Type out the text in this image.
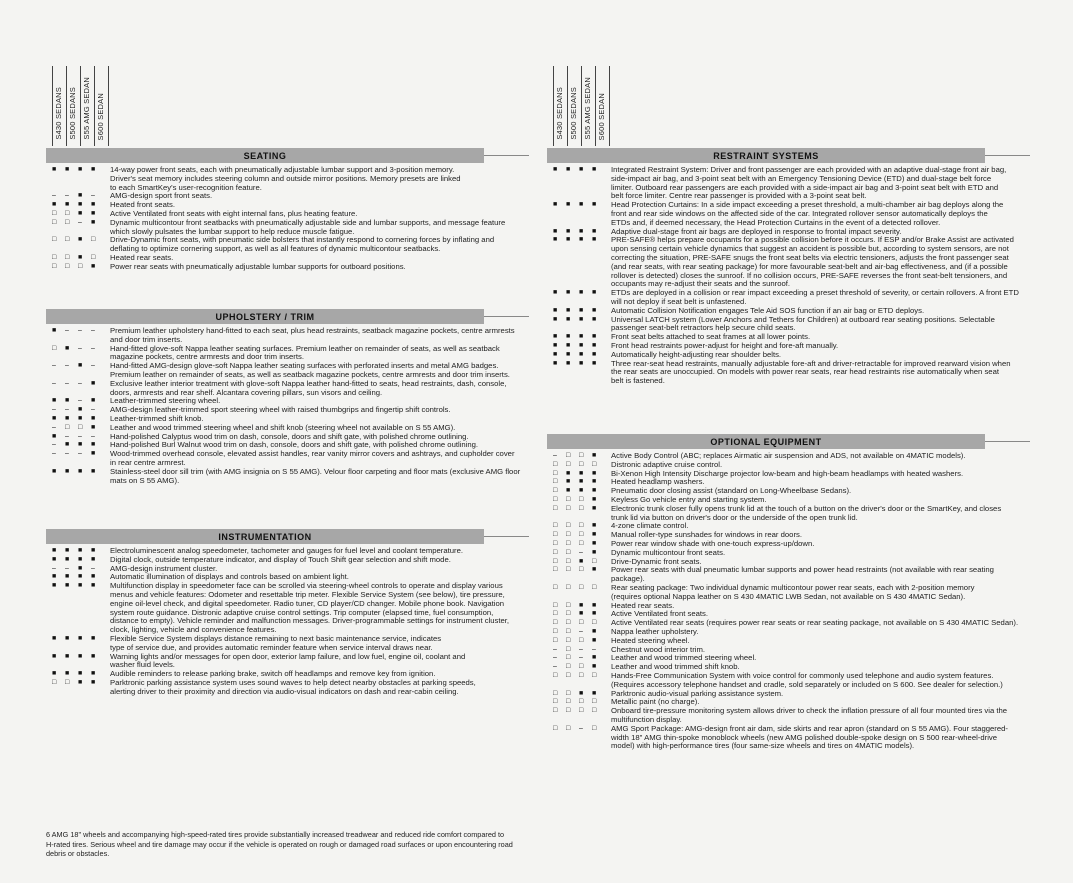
S430 SEDANS S500 SEDANS S55 AMG SEDAN S600 SEDAN
SEATING
■	■	■	■	14-way power front seats, each with pneumatically adjustable lumbar support and 3-position memory.
Driver's seat memory includes steering column and outside mirror positions. Memory presets are linked
to each SmartKey's user-recognition feature.
–	–	■	–	AMG-design sport front seats.
■	■	■	■	Heated front seats.
□	□	■	■	Active Ventilated front seats with eight internal fans, plus heating feature.
□	□	–	■	Dynamic multicontour front seatbacks with pneumatically adjustable side and lumbar supports, and message feature
which slowly pulsates the lumbar support to help reduce muscle fatigue.
□	□	■	□	Drive-Dynamic front seats, with pneumatic side bolsters that instantly respond to cornering forces by inflating and
deflating to optimize cornering support, as well as all features of dynamic multicontour seatbacks.
□	□	■	□	Heated rear seats.
□	□	□	■	Power rear seats with pneumatically adjustable lumbar supports for outboard positions.
UPHOLSTERY / TRIM
■	–	–	–	Premium leather upholstery hand-fitted to each seat, plus head restraints, seatback magazine pockets, centre armrests
and door trim inserts.
□	■	–	–	Hand-fitted glove-soft Nappa leather seating surfaces. Premium leather on remainder of seats, as well as seatback
magazine pockets, centre armrests and door trim inserts.
–	–	■	–	Hand-fitted AMG-design glove-soft Nappa leather seating surfaces with perforated inserts and metal AMG badges.
Premium leather on remainder of seats, as well as seatback magazine pockets, centre armrests and door trim inserts.
–	–	–	■	Exclusive leather interior treatment with glove-soft Nappa leather hand-fitted to seats, head restraints, dash, console,
doors, armrests and rear shelf. Alcantara covering pillars, sun visors and ceiling.
■	■	–	■	Leather-trimmed steering wheel.
–	–	■	–	AMG-design leather-trimmed sport steering wheel with raised thumbgrips and fingertip shift controls.
■	■	■	■	Leather-trimmed shift knob.
–	□	□	■	Leather and wood trimmed steering wheel and shift knob (steering wheel not available on S 55 AMG).
■	–	–	–	Hand-polished Calyptus wood trim on dash, console, doors and shift gate, with polished chrome outlining.
–	■	■	■	Hand-polished Burl Walnut wood trim on dash, console, doors and shift gate, with polished chrome outlining.
–	–	–	■	Wood-trimmed overhead console, elevated assist handles, rear vanity mirror covers and ashtrays, and cupholder cover
in rear centre armrest.
■	■	■	■	Stainless-steel door sill trim (with AMG insignia on S 55 AMG). Velour floor carpeting and floor mats (exclusive AMG floor
mats on S 55 AMG).
INSTRUMENTATION
■	■	■	■	Electroluminescent analog speedometer, tachometer and gauges for fuel level and coolant temperature.
■	■	■	■	Digital clock, outside temperature indicator, and display of Touch Shift gear selection and shift mode.
–	–	■	–	AMG-design instrument cluster.
■	■	■	■	Automatic illumination of displays and controls based on ambient light.
■	■	■	■	Multifunction display in speedometer face can be scrolled via steering-wheel controls to operate and display various
menus and vehicle features: Odometer and resettable trip meter. Flexible Service System (see below), tire pressure,
engine oil-level check, and digital speedometer. Radio tuner, CD player/CD changer. Mobile phone book. Navigation
system route guidance. Distronic adaptive cruise control settings. Trip computer (elapsed time, fuel consumption,
distance to empty). Vehicle reminder and malfunction messages. Driver-programmable settings for instrument cluster,
clock, lighting, vehicle and convenience features.
■	■	■	■	Flexible Service System displays distance remaining to next basic maintenance service, indicates
type of service due, and provides automatic reminder feature when service interval draws near.
■	■	■	■	Warning lights and/or messages for open door, exterior lamp failure, and low fuel, engine oil, coolant and
washer fluid levels.
■	■	■	■	Audible reminders to release parking brake, switch off headlamps and remove key from ignition.
□	□	■	■	Parktronic parking assistance system uses sound waves to help detect nearby obstacles at parking speeds,
alerting driver to their proximity and direction via audio-visual indicators on dash and rear-cabin ceiling.
S430 SEDANS S500 SEDANS S55 AMG SEDAN S600 SEDAN
RESTRAINT SYSTEMS
■	■	■	■	Integrated Restraint System: Driver and front passenger are each provided with an adaptive dual-stage front air bag,
side-impact air bag, and 3-point seat belt with an Emergency Tensioning Device (ETD) and dual-stage belt force
limiter. Outboard rear passengers are each provided with a side-impact air bag and 3-point seat belt with ETD and
belt force limiter. Centre rear passenger is provided with a 3-point seat belt.
■	■	■	■	Head Protection Curtains: In a side impact exceeding a preset threshold, a multi-chamber air bag deploys along the
front and rear side windows on the affected side of the car. Integrated rollover sensor automatically deploys the
ETDs and, if deemed necessary, the Head Protection Curtains in the event of a detected rollover.
■	■	■	■	Adaptive dual-stage front air bags are deployed in response to frontal impact severity.
■	■	■	■	PRE-SAFE® helps prepare occupants for a possible collision before it occurs. If ESP and/or Brake Assist are activated
upon sensing certain vehicle dynamics that suggest an accident is possible but, according to system sensors, are not
correcting the situation, PRE-SAFE snugs the front seat belts via electric tensioners, adjusts the front passenger seat
(and rear seats, with rear seating package) for more favourable seat-belt and air-bag effectiveness, and (if a possible
rollover is detected) closes the sunroof. If no collision occurs, PRE-SAFE reverses the front seat-belt tensioners, and
occupants may re-adjust their seats and the sunroof.
■	■	■	■	ETDs are deployed in a collision or rear impact exceeding a preset threshold of severity, or certain rollovers. A front ETD
will not deploy if seat belt is unfastened.
■	■	■	■	Automatic Collision Notification engages Tele Aid SOS function if an air bag or ETD deploys.
■	■	■	■	Universal LATCH system (Lower Anchors and Tethers for Children) at outboard rear seating positions. Selectable
passenger seat-belt retractors help secure child seats.
■	■	■	■	Front seat belts attached to seat frames at all lower points.
■	■	■	■	Front head restraints power-adjust for height and fore-aft manually.
■	■	■	■	Automatically height-adjusting rear shoulder belts.
■	■	■	■	Three rear-seat head restraints, manually adjustable fore-aft and driver-retractable for improved rearward vision when
the rear seats are unoccupied. On models with power rear seats, rear head restraints rise automatically when seat
belt is fastened.
OPTIONAL EQUIPMENT
–	□	□	■	Active Body Control (ABC; replaces Airmatic air suspension and ADS, not available on 4MATIC models).
□	□	□	□	Distronic adaptive cruise control.
□	■	■	■	Bi-Xenon High Intensity Discharge projector low-beam and high-beam headlamps with heated washers.
□	■	■	■	Heated headlamp washers.
□	■	■	■	Pneumatic door closing assist (standard on Long-Wheelbase Sedans).
□	□	□	■	Keyless Go vehicle entry and starting system.
□	□	□	■	Electronic trunk closer fully opens trunk lid at the touch of a button on the driver's door or the SmartKey, and closes
trunk lid via button on driver's door or the underside of the open trunk lid.
□	□	□	■	4-zone climate control.
□	□	□	■	Manual roller-type sunshades for windows in rear doors.
□	□	□	■	Power rear window shade with one-touch express-up/down.
□	□	–	■	Dynamic multicontour front seats.
□	□	■	□	Drive-Dynamic front seats.
□	□	□	■	Power rear seats with dual pneumatic lumbar supports and power head restraints (not available with rear seating
package).
□	□	□	□	Rear seating package: Two individual dynamic multicontour power rear seats, each with 2-position memory
(requires optional Nappa leather on S 430 4MATIC LWB Sedan, not available on S 430 4MATIC Sedan).
□	□	■	■	Heated rear seats.
□	□	■	■	Active Ventilated front seats.
□	□	□	□	Active Ventilated rear seats (requires power rear seats or rear seating package, not available on S 430 4MATIC Sedan).
□	□	–	■	Nappa leather upholstery.
□	□	□	■	Heated steering wheel.
–	□	–	–	Chestnut wood interior trim.
–	□	–	■	Leather and wood trimmed steering wheel.
–	□	□	■	Leather and wood trimmed shift knob.
□	□	□	□	Hands-Free Communication System with voice control for commonly used telephone and audio system features.
(Requires accessory telephone handset and cradle, sold separately or included on S 600. See dealer for selection.)
□	□	■	■	Parktronic audio-visual parking assistance system.
□	□	□	□	Metallic paint (no charge).
□	□	□	□	Onboard tire-pressure monitoring system allows driver to check the inflation pressure of all four mounted tires via the
multifunction display.
□	□	–	□	AMG Sport Package: AMG-design front air dam, side skirts and rear apron (standard on S 55 AMG). Four staggered-
width 18" AMG thin-spoke monoblock wheels (new AMG polished double-spoke design on S 500 rear-wheel-drive
model) with high-performance tires (four same-size wheels and tires on 4MATIC models).
6 AMG 18" wheels and accompanying high-speed-rated tires provide substantially increased treadwear and reduced ride comfort compared to
H-rated tires. Serious wheel and tire damage may occur if the vehicle is operated on rough or damaged road surfaces or upon encountering road
debris or obstacles.
